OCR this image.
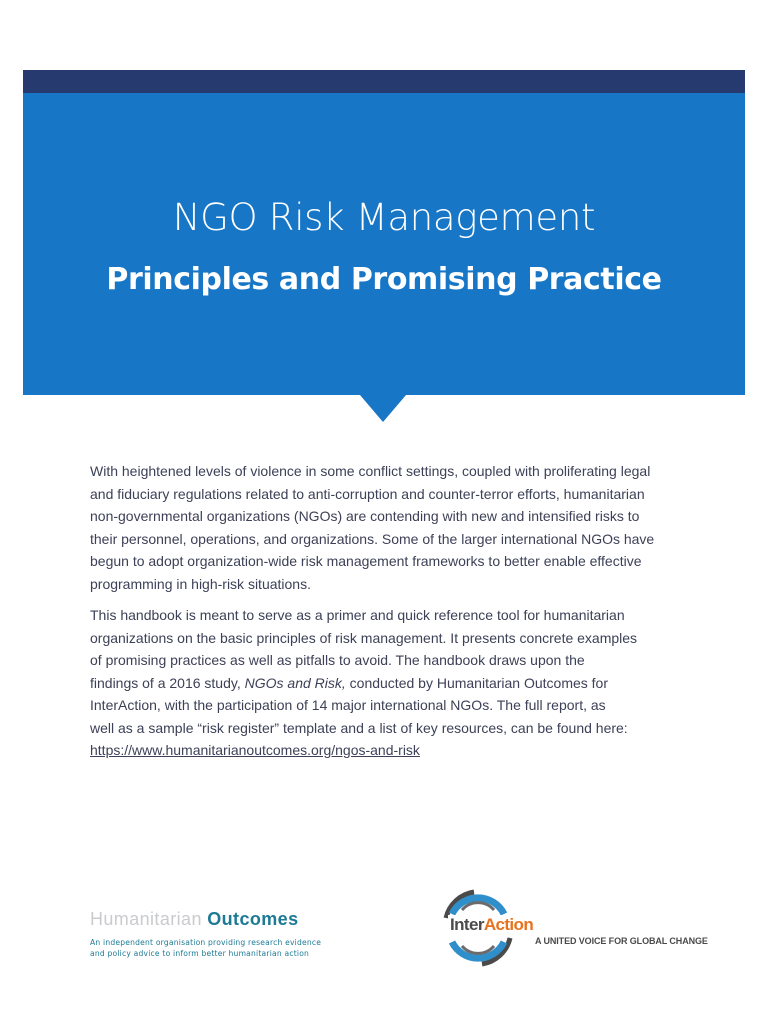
NGO Risk Management
Principles and Promising Practice

With heightened levels of violence in some conflict settings, coupled with proliferating legal
and fiduciary regulations related to anti-corruption and counter-terror efforts, humanitarian
non-governmental organizations (NGOs) are contending with new and intensified risks to
their personnel, operations, and organizations. Some of the larger international NGOs have
begun to adopt organization-wide risk management frameworks to better enable effective
programming in high-risk situations.

This handbook is meant to serve as a primer and quick reference tool for humanitarian
organizations on the basic principles of risk management. It presents concrete examples
of promising practices as well as pitfalls to avoid. The handbook draws upon the
findings of a 2016 study, NGOs and Risk, conducted by Humanitarian Outcomes for
InterAction, with the participation of 14 major international NGOs. The full report, as
well as a sample “risk register” template and a list of key resources, can be found here:
https://www.humanitarianoutcomes.org/ngos-and-risk

Humanitarian Outcomes
An independent organisation providing research evidence
and policy advice to inform better humanitarian action
InterAction
A UNITED VOICE FOR GLOBAL CHANGE
